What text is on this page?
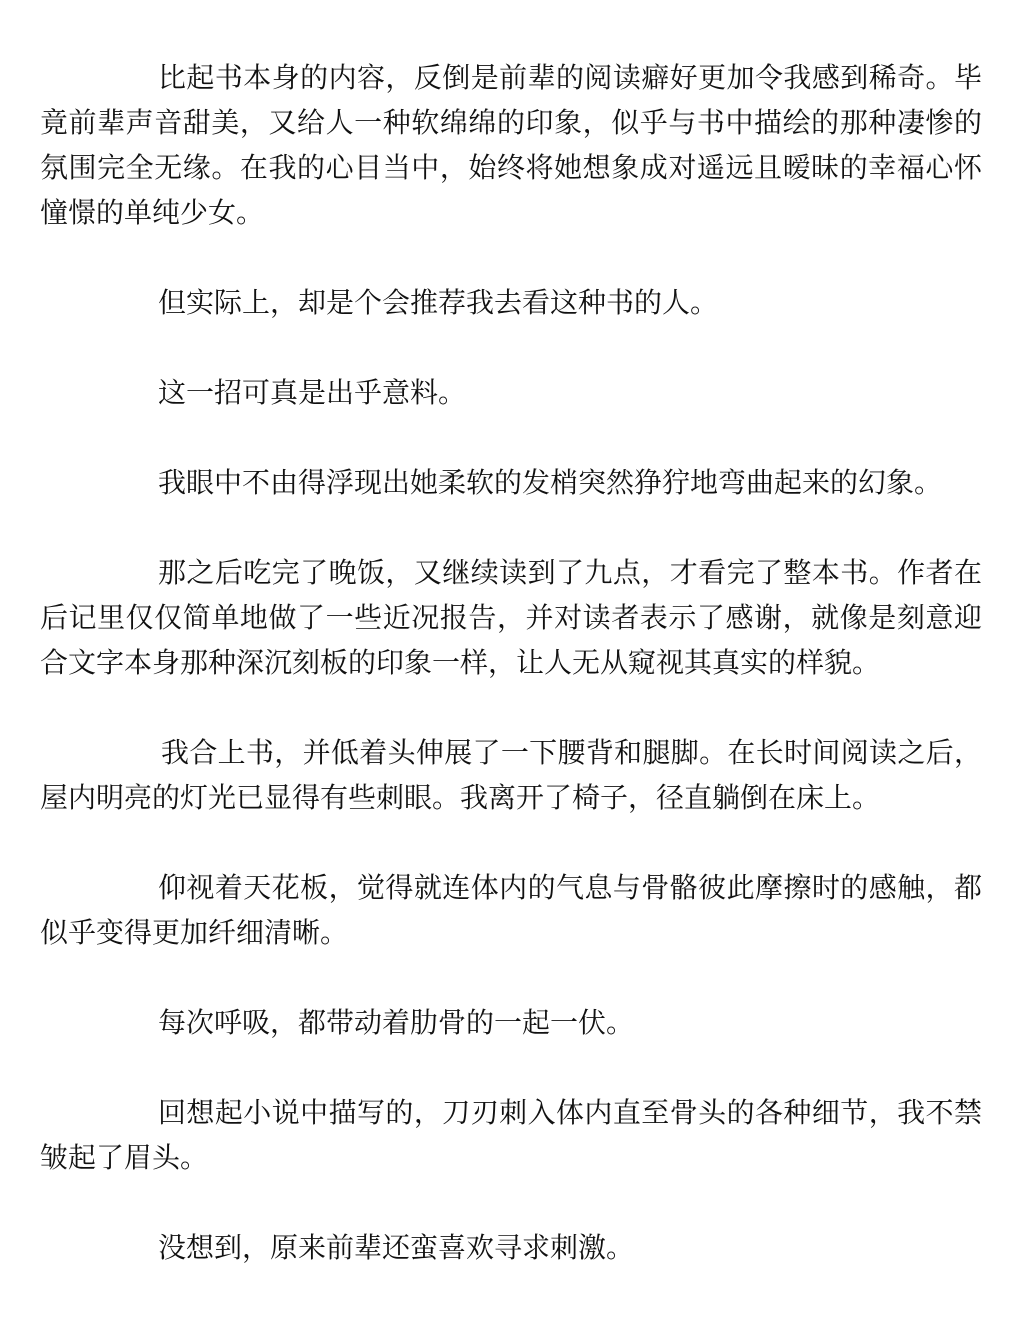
比起书本身的内容，反倒是前辈的阅读癖好更加令我感到稀奇。毕竟前辈声音甜美，又给人一种软绵绵的印象，似乎与书中描绘的那种凄惨的氛围完全无缘。在我的心目当中，始终将她想象成对遥远且暧昧的幸福心怀憧憬的单纯少女。

但实际上，却是个会推荐我去看这种书的人。

这一招可真是出乎意料。

我眼中不由得浮现出她柔软的发梢突然狰狞地弯曲起来的幻象。

那之后吃完了晚饭，又继续读到了九点，才看完了整本书。作者在后记里仅仅简单地做了一些近况报告，并对读者表示了感谢，就像是刻意迎合文字本身那种深沉刻板的印象一样，让人无从窥视其真实的样貌。

我合上书，并低着头伸展了一下腰背和腿脚。在长时间阅读之后，屋内明亮的灯光已显得有些刺眼。我离开了椅子，径直躺倒在床上。

仰视着天花板，觉得就连体内的气息与骨骼彼此摩擦时的感触，都似乎变得更加纤细清晰。

每次呼吸，都带动着肋骨的一起一伏。

回想起小说中描写的，刀刃刺入体内直至骨头的各种细节，我不禁皱起了眉头。

没想到，原来前辈还蛮喜欢寻求刺激。
